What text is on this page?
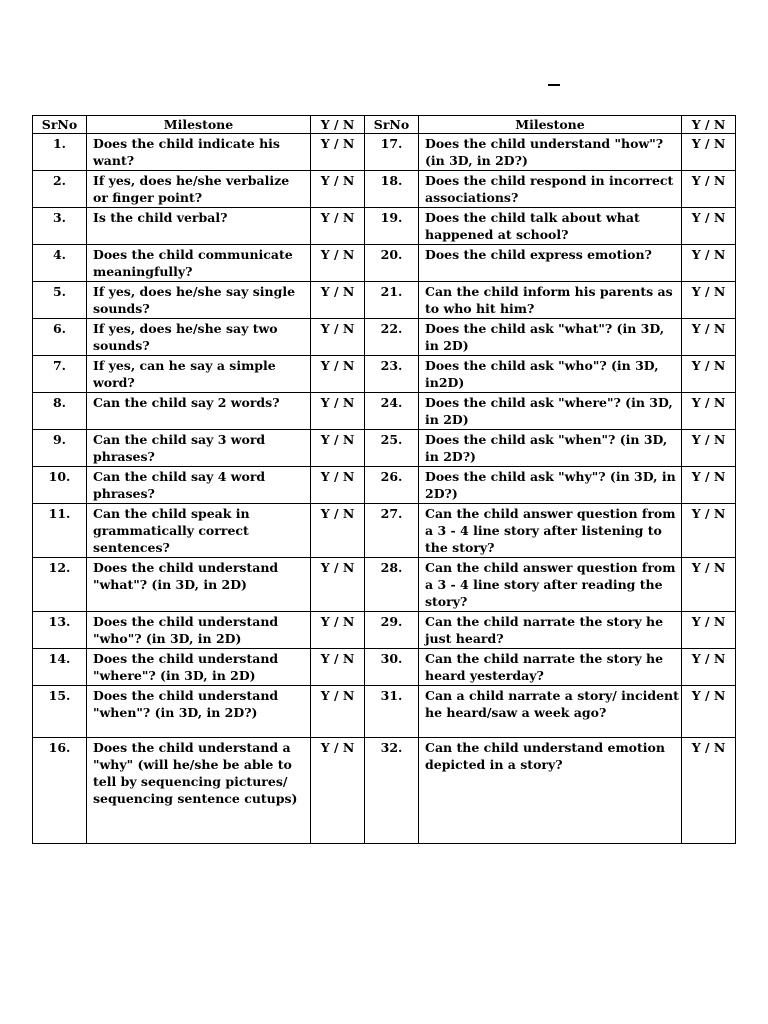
SrNo	Milestone	Y / N	SrNo	Milestone	Y / N
1.	Does the child indicate his want?	Y / N	17.	Does the child understand "how"? (in 3D, in 2D?)	Y / N
2.	If yes, does he/she verbalize or finger point?	Y / N	18.	Does the child respond in incorrect associations?	Y / N
3.	Is the child verbal?	Y / N	19.	Does the child talk about what happened at school?	Y / N
4.	Does the child communicate meaningfully?	Y / N	20.	Does the child express emotion?	Y / N
5.	If yes, does he/she say single sounds?	Y / N	21.	Can the child inform his parents as to who hit him?	Y / N
6.	If yes, does he/she say two sounds?	Y / N	22.	Does the child ask "what"? (in 3D, in 2D)	Y / N
7.	If yes, can he say a simple word?	Y / N	23.	Does the child ask "who"? (in 3D, in2D)	Y / N
8.	Can the child say 2 words?	Y / N	24.	Does the child ask "where"? (in 3D, in 2D)	Y / N
9.	Can the child say 3 word phrases?	Y / N	25.	Does the child ask "when"? (in 3D, in 2D?)	Y / N
10.	Can the child say 4 word phrases?	Y / N	26.	Does the child ask "why"? (in 3D, in 2D?)	Y / N
11.	Can the child speak in grammatically correct sentences?	Y / N	27.	Can the child answer question from a 3 - 4 line story after listening to the story?	Y / N
12.	Does the child understand "what"? (in 3D, in 2D)	Y / N	28.	Can the child answer question from a 3 - 4 line story after reading the story?	Y / N
13.	Does the child understand "who"? (in 3D, in 2D)	Y / N	29.	Can the child narrate the story he just heard?	Y / N
14.	Does the child understand "where"? (in 3D, in 2D)	Y / N	30.	Can the child narrate the story he heard yesterday?	Y / N
15.	Does the child understand "when"? (in 3D, in 2D?)	Y / N	31.	Can a child narrate a story/ incident he heard/saw a week ago?	Y / N
16.	Does the child understand a "why" (will he/she be able to tell by sequencing pictures/ sequencing sentence cutups)	Y / N	32.	Can the child understand emotion depicted in a story?	Y / N
